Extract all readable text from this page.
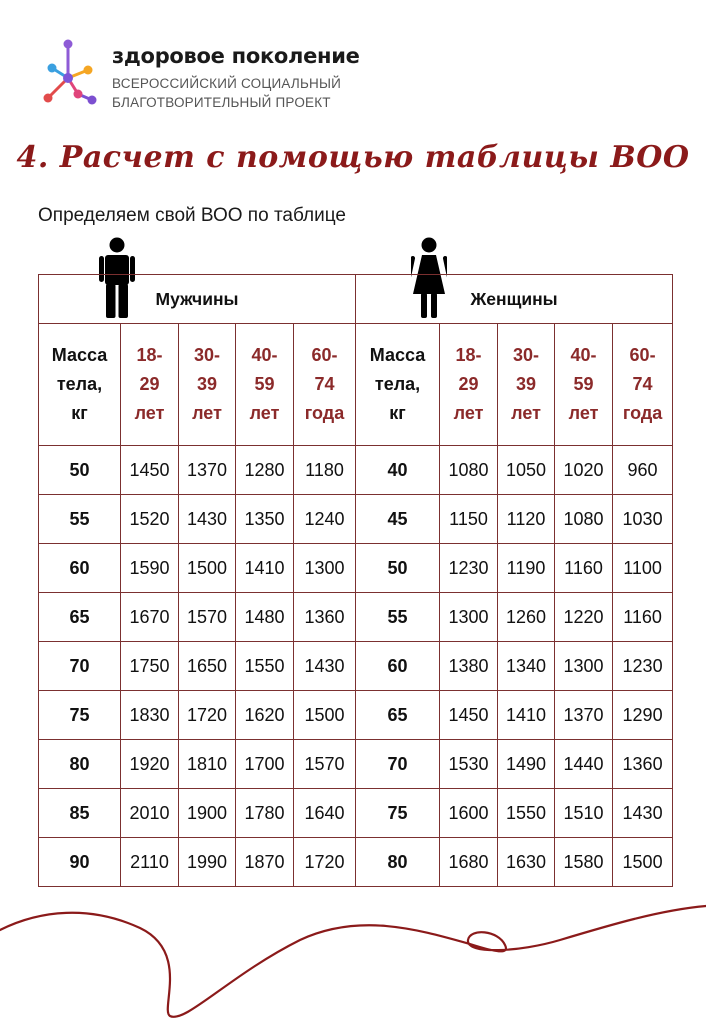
здоровое поколение
ВСЕРОССИЙСКИЙ СОЦИАЛЬНЫЙ
БЛАГОТВОРИТЕЛЬНЫЙ ПРОЕКТ
4. Расчет с помощью таблицы ВОО
Определяем свой ВОО по таблице
Мужчины					Женщины				

Масса
тела,
кг	18-
29
лет	30-
39
лет	40-
59
лет	60-
74
года	Масса
тела,
кг	18-
29
лет	30-
39
лет	40-
59
лет	60-
74
года

50	1450	1370	1280	1180	40	1080	1050	1020	960
55	1520	1430	1350	1240	45	1150	1120	1080	1030
60	1590	1500	1410	1300	50	1230	1190	1160	1100
65	1670	1570	1480	1360	55	1300	1260	1220	1160
70	1750	1650	1550	1430	60	1380	1340	1300	1230
75	1830	1720	1620	1500	65	1450	1410	1370	1290
80	1920	1810	1700	1570	70	1530	1490	1440	1360
85	2010	1900	1780	1640	75	1600	1550	1510	1430
90	2110	1990	1870	1720	80	1680	1630	1580	1500
